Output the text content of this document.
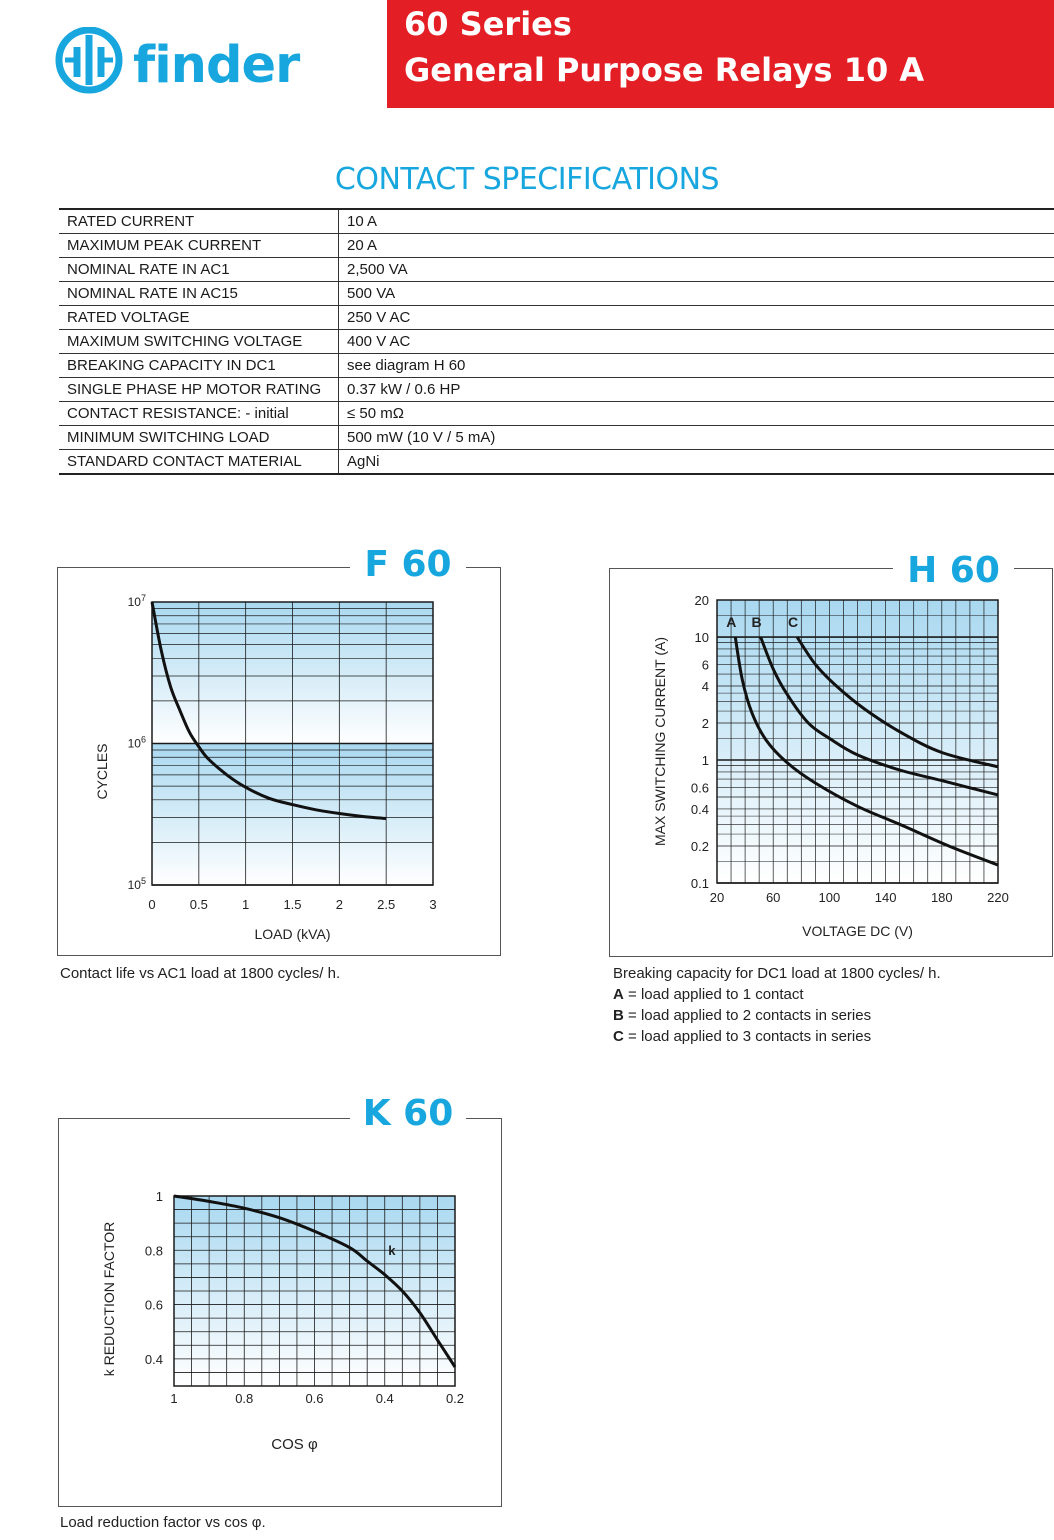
finder
60 Series
General Purpose Relays 10 A
CONTACT SPECIFICATIONS
RATED CURRENT	10 A
MAXIMUM PEAK CURRENT	20 A
NOMINAL RATE IN AC1	2,500 VA
NOMINAL RATE IN AC15	500 VA
RATED VOLTAGE	250 V AC
MAXIMUM SWITCHING VOLTAGE	400 V AC
BREAKING CAPACITY IN DC1	see diagram H 60
SINGLE PHASE HP MOTOR RATING	0.37 kW / 0.6 HP
CONTACT RESISTANCE: - initial	≤ 50 mΩ
MINIMUM SWITCHING LOAD	500 mW (10 V / 5 mA)
STANDARD CONTACT MATERIAL	AgNi
F 60
0	0.5	1	1.5	2	2.5	3
$10^5$
$10^6$
$10^7$
LOAD (kVA)
CYCLES
Contact life vs AC1 load at 1800 cycles/ h.
H 60
20	60	100	140	180	220
0.1
0.2
0.4
0.6
1
2
4
6
10
20
VOLTAGE DC (V)
MAX SWITCHING CURRENT (A)
A B C
Breaking capacity for DC1 load at 1800 cycles/ h.
A = load applied to 1 contact
B = load applied to 2 contacts in series
C = load applied to 3 contacts in series
K 60
1	0.8	0.6	0.4	0.2
1
0.8
0.6
0.4
COS φ
k REDUCTION FACTOR	k
Load reduction factor vs cos φ.
